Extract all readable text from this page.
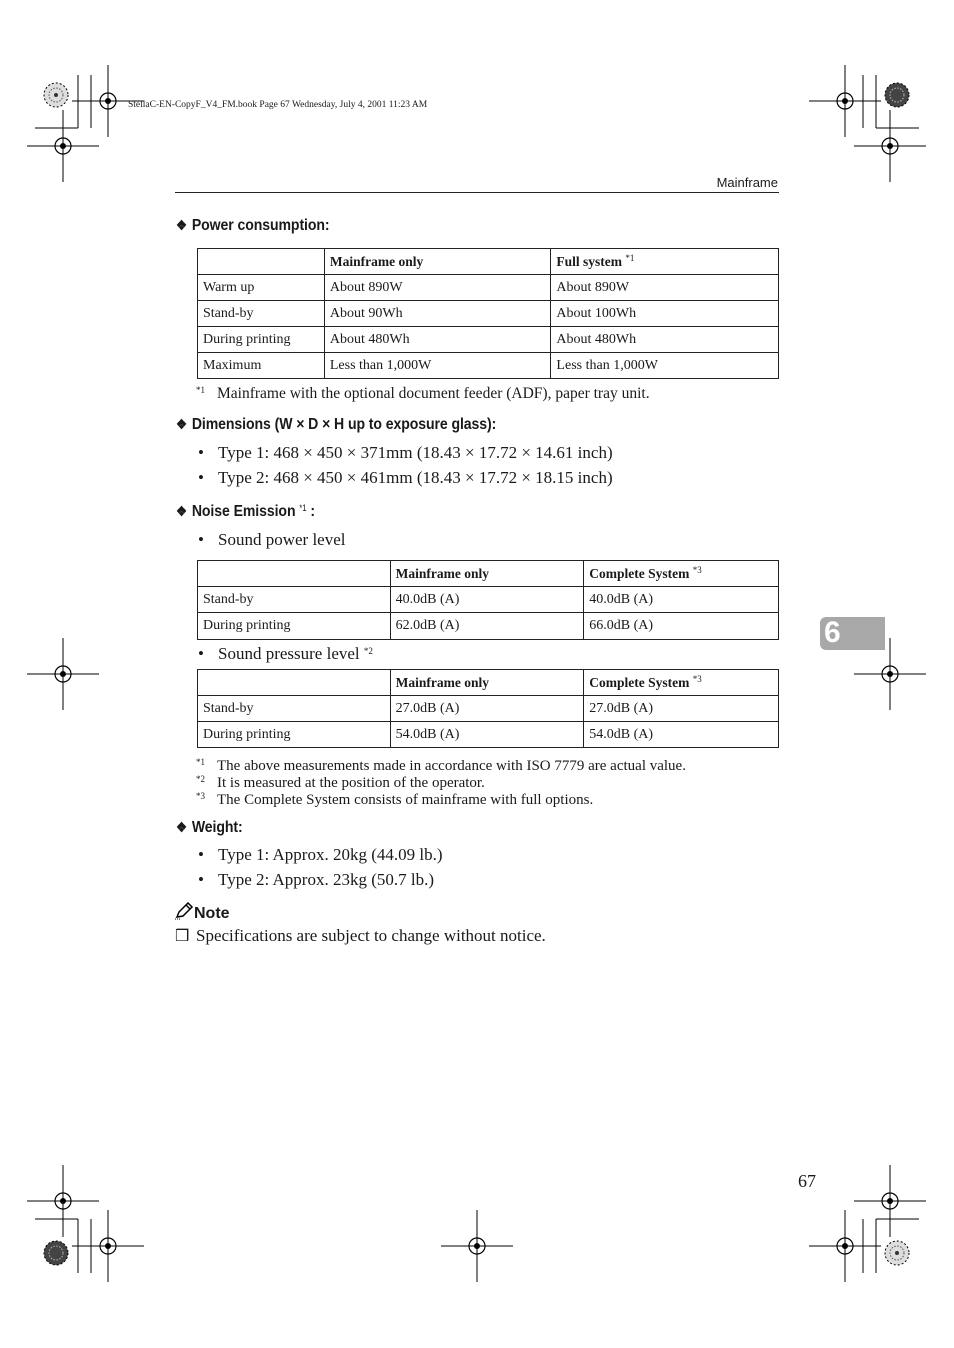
StellaC-EN-CopyF_V4_FM.book Page 67 Wednesday, July 4, 2001 11:23 AM
Mainframe
❖ Power consumption:
	Mainframe only	Full system $^{*1}$
Warm up	About 890W	About 890W
Stand-by	About 90Wh	About 100Wh
During printing	About 480Wh	About 480Wh
Maximum	Less than 1,000W	Less than 1,000W
*1 Mainframe with the optional document feeder (ADF), paper tray unit.
❖ Dimensions (W × D × H up to exposure glass):
• Type 1: 468 × 450 × 371mm (18.43 × 17.72 × 14.61 inch)
• Type 2: 468 × 450 × 461mm (18.43 × 17.72 × 18.15 inch)
❖ Noise Emission $^{*1}$ :
• Sound power level
	Mainframe only	Complete System $^{*3}$
Stand-by	40.0dB (A)	40.0dB (A)
During printing	62.0dB (A)	66.0dB (A)
• Sound pressure level $^{*2}$
	Mainframe only	Complete System $^{*3}$
Stand-by	27.0dB (A)	27.0dB (A)
During printing	54.0dB (A)	54.0dB (A)
*1 The above measurements made in accordance with ISO 7779 are actual value.
*2 It is measured at the position of the operator.
*3 The Complete System consists of mainframe with full options.
❖ Weight:
• Type 1: Approx. 20kg (44.09 lb.)
• Type 2: Approx. 23kg (50.7 lb.)
Note
❒ Specifications are subject to change without notice.
6
67
